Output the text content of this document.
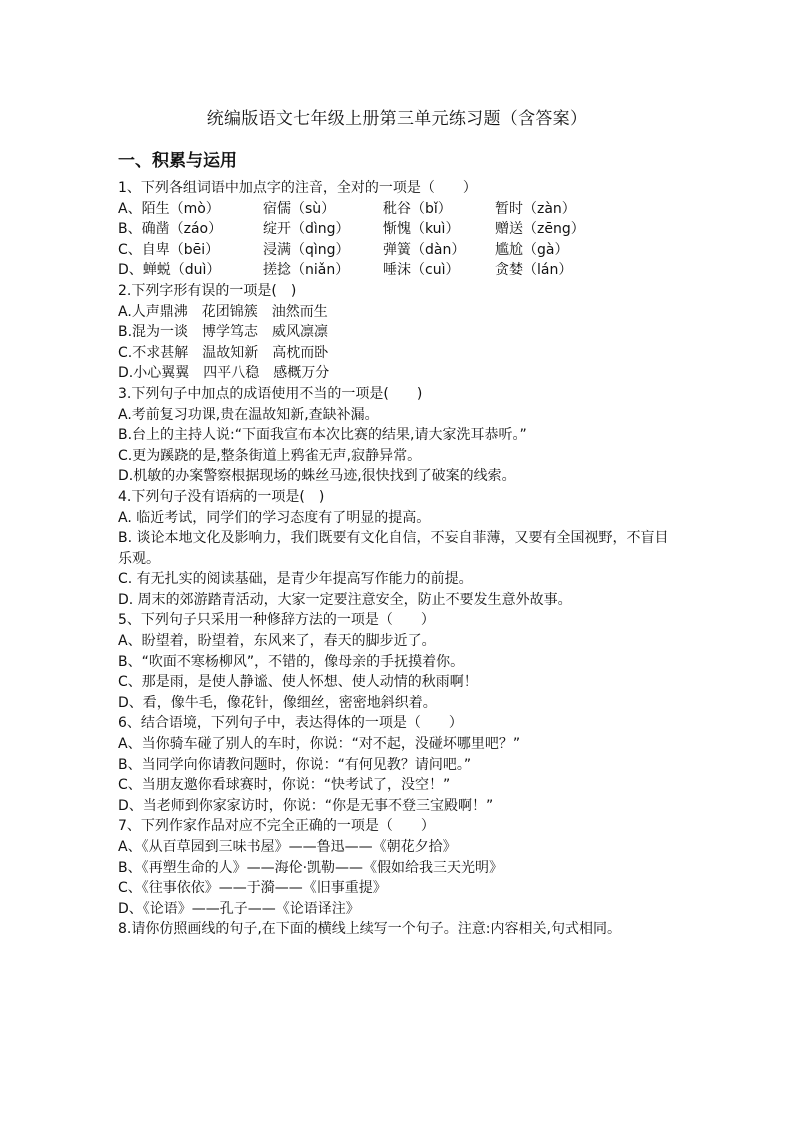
统编版语文七年级上册第三单元练习题（含答案）
一、积累与运用
1、下列各组词语中加点字的注音，全对的一项是（　　）
A、陌生（mò）	宿儒（sù）	秕谷（bǐ）	暂时（zàn）
B、确凿（záo）	绽开（dìng）	惭愧（kuì）	赠送（zēng）
C、自卑（bēi）	浸满（qìng）	弹簧（dàn）	尴尬（gà）
D、蝉蜕（duì）	搓捻（niǎn）	唾沫（cuì）	贪婪（lán）
2.下列字形有误的一项是(　)
A.人声鼎沸　花团锦簇　油然而生
B.混为一谈　博学笃志　威风凛凛
C.不求甚解　温故知新　高枕而卧
D.小心翼翼　四平八稳　感概万分
3.下列句子中加点的成语使用不当的一项是(　　)
A.考前复习功课,贵在温故知新,查缺补漏。
B.台上的主持人说:“下面我宣布本次比赛的结果,请大家洗耳恭听。”
C.更为蹊跷的是,整条街道上鸦雀无声,寂静异常。
D.机敏的办案警察根据现场的蛛丝马迹,很快找到了破案的线索。
4.下列句子没有语病的一项是(　)
A. 临近考试，同学们的学习态度有了明显的提高。
B. 谈论本地文化及影响力，我们既要有文化自信，不妄自菲薄，又要有全国视野，不盲目乐观。
C. 有无扎实的阅读基础，是青少年提高写作能力的前提。
D. 周末的郊游踏青活动，大家一定要注意安全，防止不要发生意外故事。
5、下列句子只采用一种修辞方法的一项是（　　）
A、盼望着，盼望着，东风来了，春天的脚步近了。
B、“吹面不寒杨柳风”，不错的，像母亲的手抚摸着你。
C、那是雨，是使人静谧、使人怀想、使人动情的秋雨啊！
D、看，像牛毛，像花针，像细丝，密密地斜织着。
6、结合语境，下列句子中，表达得体的一项是（　　）
A、当你骑车碰了别人的车时，你说：“对不起，没碰坏哪里吧？”
B、当同学向你请教问题时，你说：“有何见教？请问吧。”
C、当朋友邀你看球赛时，你说：“快考试了，没空！”
D、当老师到你家家访时，你说：“你是无事不登三宝殿啊！”
7、下列作家作品对应不完全正确的一项是（　　）
A、《从百草园到三味书屋》——鲁迅——《朝花夕拾》
B、《再塑生命的人》——海伦·凯勒——《假如给我三天光明》
C、《往事依依》——于漪——《旧事重提》
D、《论语》——孔子——《论语译注》
8.请你仿照画线的句子,在下面的横线上续写一个句子。注意:内容相关,句式相同。
